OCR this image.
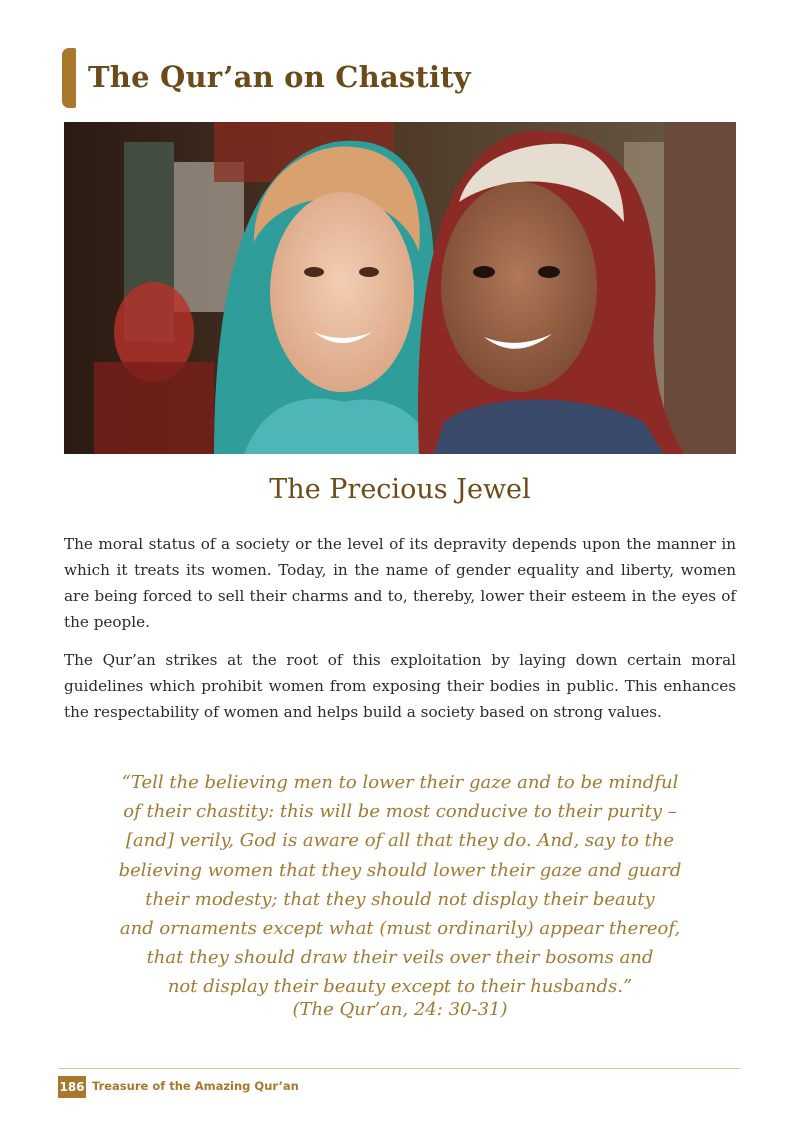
The Qur’an on Chastity
The Precious Jewel

The moral status of a society or the level of its depravity depends upon the manner in which it treats its women. Today, in the name of gender equality and liberty, women are being forced to sell their charms and to, thereby, lower their esteem in the eyes of the people.

The Qur’an strikes at the root of this exploitation by laying down certain moral guidelines which prohibit women from exposing their bodies in public. This enhances the respectability of women and helps build a society based on strong values.

“Tell the believing men to lower their gaze and to be mindful
of their chastity: this will be most conducive to their purity –
[and] verily, God is aware of all that they do. And, say to the
believing women that they should lower their gaze and guard
their modesty; that they should not display their beauty
and ornaments except what (must ordinarily) appear thereof,
that they should draw their veils over their bosoms and
not display their beauty except to their husbands.”
(The Qur’an, 24: 30-31)
186 Treasure of the Amazing Qur’an
